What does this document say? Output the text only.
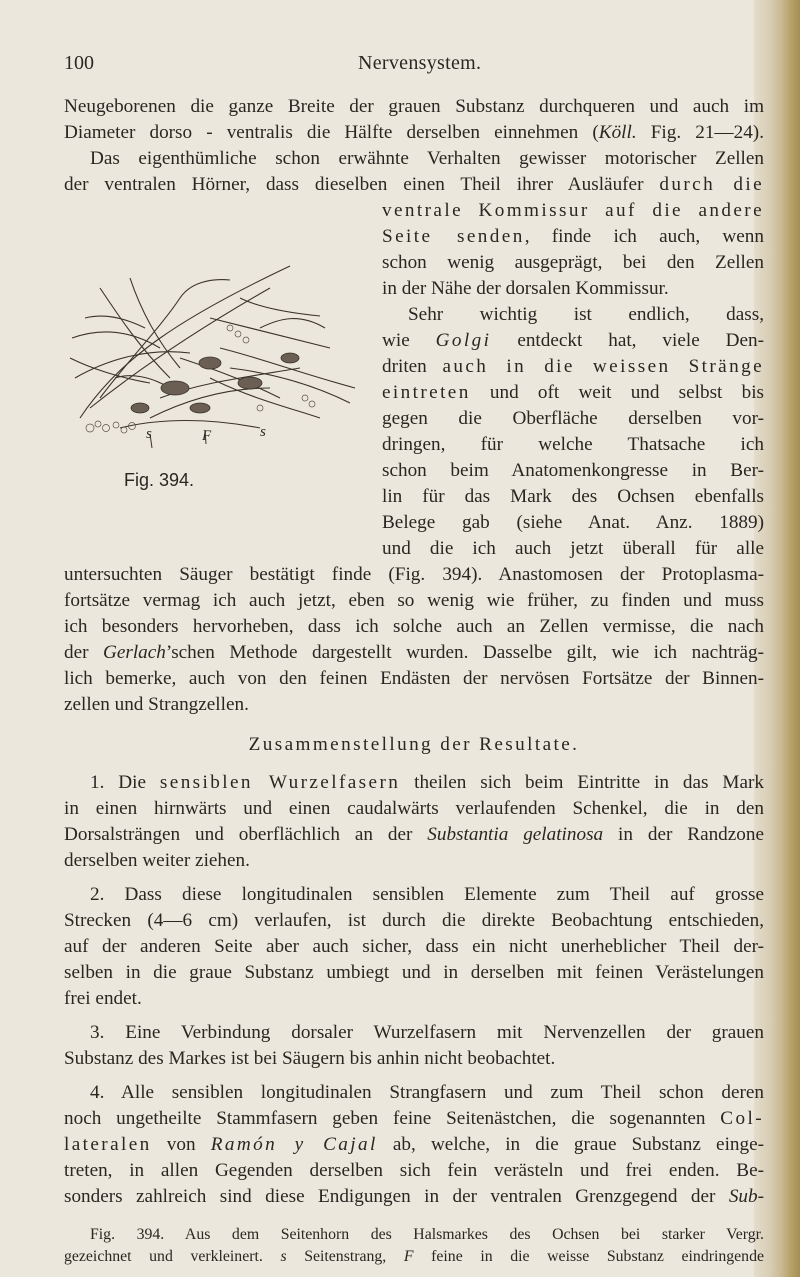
100	Nervensystem.
Neugeborenen die ganze Breite der grauen Substanz durchqueren und auch im
Diameter dorso - ventralis die Hälfte derselben einnehmen (Köll. Fig. 21—24).
Das eigenthümliche schon erwähnte Verhalten gewisser motorischer Zellen
der ventralen Hörner, dass dieselben einen Theil ihrer Ausläufer durch die
ventrale Kommissur auf die andere
Seite senden, finde ich auch, wenn
schon wenig ausgeprägt, bei den Zellen
in der Nähe der dorsalen Kommissur.
Sehr wichtig ist endlich, dass,
wie Golgi entdeckt hat, viele Den-
driten auch in die weissen Stränge
eintreten und oft weit und selbst bis
gegen die Oberfläche derselben vor-
dringen, für welche Thatsache ich
schon beim Anatomenkongresse in Ber-
lin für das Mark des Ochsen ebenfalls
Belege gab (siehe Anat. Anz. 1889)
und die ich auch jetzt überall für alle
untersuchten Säuger bestätigt finde (Fig. 394). Anastomosen der Protoplasma-
fortsätze vermag ich auch jetzt, eben so wenig wie früher, zu finden und muss
ich besonders hervorheben, dass ich solche auch an Zellen vermisse, die nach
der Gerlach’schen Methode dargestellt wurden. Dasselbe gilt, wie ich nachträg-
lich bemerke, auch von den feinen Endästen der nervösen Fortsätze der Binnen-
zellen und Strangzellen.
s	F	s
Fig. 394.
Zusammenstellung der Resultate.
1. Die sensiblen Wurzelfasern theilen sich beim Eintritte in das Mark
in einen hirnwärts und einen caudalwärts verlaufenden Schenkel, die in den
Dorsalsträngen und oberflächlich an der Substantia gelatinosa in der Randzone
derselben weiter ziehen.
2. Dass diese longitudinalen sensiblen Elemente zum Theil auf grosse
Strecken (4—6 cm) verlaufen, ist durch die direkte Beobachtung entschieden,
auf der anderen Seite aber auch sicher, dass ein nicht unerheblicher Theil der-
selben in die graue Substanz umbiegt und in derselben mit feinen Verästelungen
frei endet.
3. Eine Verbindung dorsaler Wurzelfasern mit Nervenzellen der grauen
Substanz des Markes ist bei Säugern bis anhin nicht beobachtet.
4. Alle sensiblen longitudinalen Strangfasern und zum Theil schon deren
noch ungetheilte Stammfasern geben feine Seitenästchen, die sogenannten Col-
lateralen von Ramón y Cajal ab, welche, in die graue Substanz einge-
treten, in allen Gegenden derselben sich fein verästeln und frei enden. Be-
sonders zahlreich sind diese Endigungen in der ventralen Grenzgegend der Sub-
Fig. 394. Aus dem Seitenhorn des Halsmarkes des Ochsen bei starker Vergr.
gezeichnet und verkleinert. s Seitenstrang, F feine in die weisse Substanz eindringende
